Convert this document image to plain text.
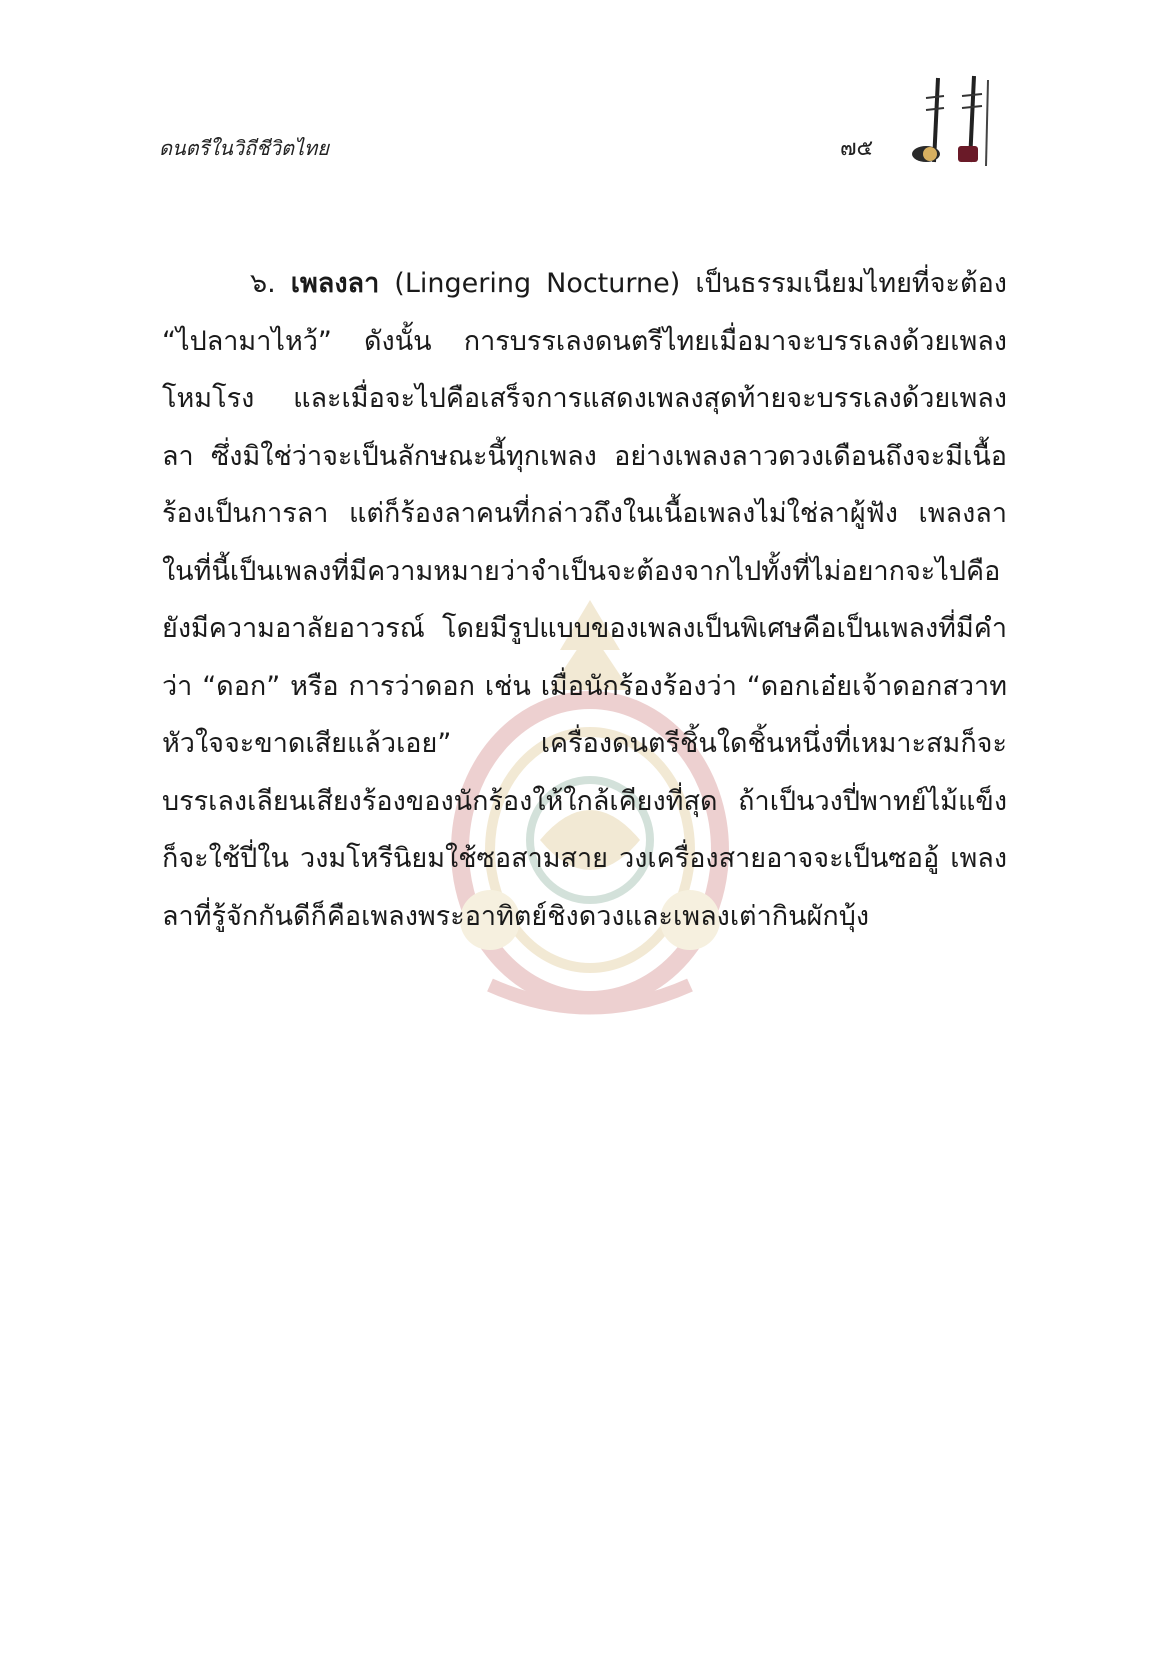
ดนตรีในวิถีชีวิตไทย	๗๕

๖. เพลงลา (Lingering Nocturne) เป็นธรรมเนียมไทยที่จะต้อง “ไปลามาไหว้” ดังนั้น การบรรเลงดนตรีไทยเมื่อมาจะบรรเลงด้วยเพลงโหมโรง และเมื่อจะไปคือเสร็จการแสดงเพลงสุดท้ายจะบรรเลงด้วยเพลงลา ซึ่งมิใช่ว่าจะเป็นลักษณะนี้ทุกเพลง อย่างเพลงลาวดวงเดือนถึงจะมีเนื้อร้องเป็นการลา แต่ก็ร้องลาคนที่กล่าวถึงในเนื้อเพลงไม่ใช่ลาผู้ฟัง เพลงลาในที่นี้เป็นเพลงที่มีความหมายว่าจำเป็นจะต้องจากไปทั้งที่ไม่อยากจะไปคือยังมีความอาลัยอาวรณ์ โดยมีรูปแบบของเพลงเป็นพิเศษคือเป็นเพลงที่มีคำว่า “ดอก” หรือ การว่าดอก เช่น เมื่อนักร้องร้องว่า “ดอกเอ๋ยเจ้าดอกสวาท หัวใจจะขาดเสียแล้วเอย” เครื่องดนตรีชิ้นใดชิ้นหนึ่งที่เหมาะสมก็จะบรรเลงเลียนเสียงร้องของนักร้องให้ใกล้เคียงที่สุด ถ้าเป็นวงปี่พาทย์ไม้แข็งก็จะใช้ปี่ใน วงมโหรีนิยมใช้ซอสามสาย วงเครื่องสายอาจจะเป็นซออู้ เพลงลาที่รู้จักกันดีก็คือเพลงพระอาทิตย์ชิงดวงและเพลงเต่ากินผักบุ้ง
